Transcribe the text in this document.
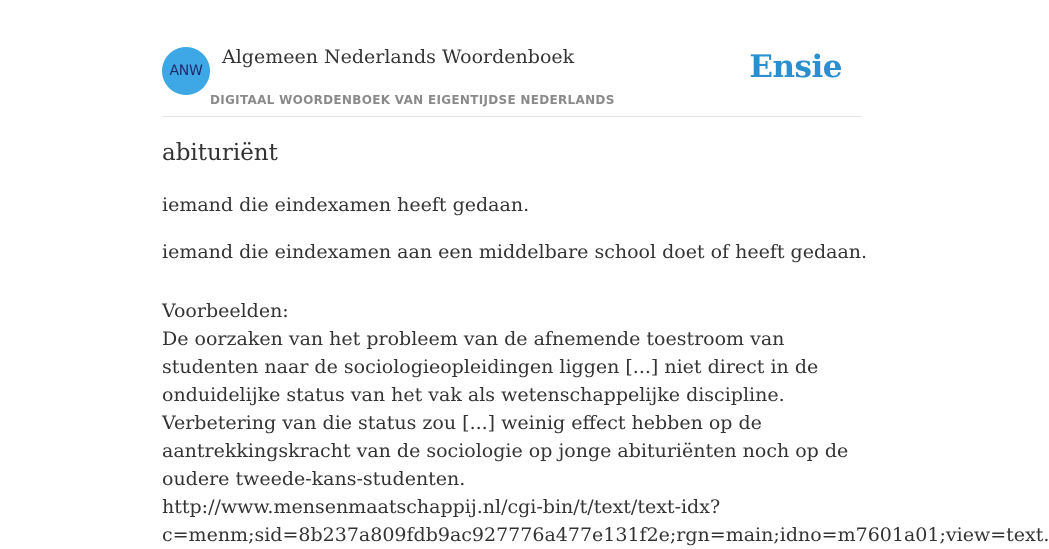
ANW
Algemeen Nederlands Woordenboek
DIGITAAL WOORDENBOEK VAN EIGENTIJDSE NEDERLANDS
Ensie
abituriënt
iemand die eindexamen heeft gedaan.
iemand die eindexamen aan een middelbare school doet of heeft gedaan.
Voorbeelden:
De oorzaken van het probleem van de afnemende toestroom van studenten naar de sociologieopleidingen liggen [...] niet direct in de onduidelijke status van het vak als wetenschappelijke discipline. Verbetering van die status zou [...] weinig effect hebben op de aantrekkingskracht van de sociologie op jonge abituriënten noch op de oudere tweede-kans-studenten.
http://www.mensenmaatschappij.nl/cgi-bin/t/text/text-idx?
c=menm;sid=8b237a809fdb9ac927776a477e131f2e;rgn=main;idno=m7601a01;view=text.
